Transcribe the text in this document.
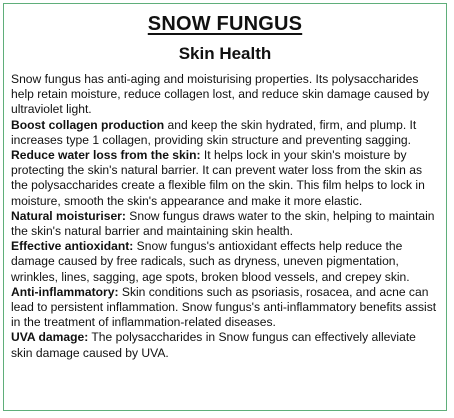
SNOW FUNGUS
Skin Health

Snow fungus has anti-aging and moisturising properties. Its polysaccharides help retain moisture, reduce collagen lost, and reduce skin damage caused by ultraviolet light.

Boost collagen production and keep the skin hydrated, firm, and plump. It increases type 1 collagen, providing skin structure and preventing sagging.

Reduce water loss from the skin: It helps lock in your skin's moisture by protecting the skin's natural barrier. It can prevent water loss from the skin as the polysaccharides create a flexible film on the skin. This film helps to lock in moisture, smooth the skin's appearance and make it more elastic.

Natural moisturiser: Snow fungus draws water to the skin, helping to maintain the skin's natural barrier and maintaining skin health.

Effective antioxidant: Snow fungus's antioxidant effects help reduce the damage caused by free radicals, such as dryness, uneven pigmentation, wrinkles, lines, sagging, age spots, broken blood vessels, and crepey skin.

Anti-inflammatory: Skin conditions such as psoriasis, rosacea, and acne can lead to persistent inflammation. Snow fungus's anti-inflammatory benefits assist in the treatment of inflammation-related diseases.

UVA damage: The polysaccharides in Snow fungus can effectively alleviate skin damage caused by UVA.
